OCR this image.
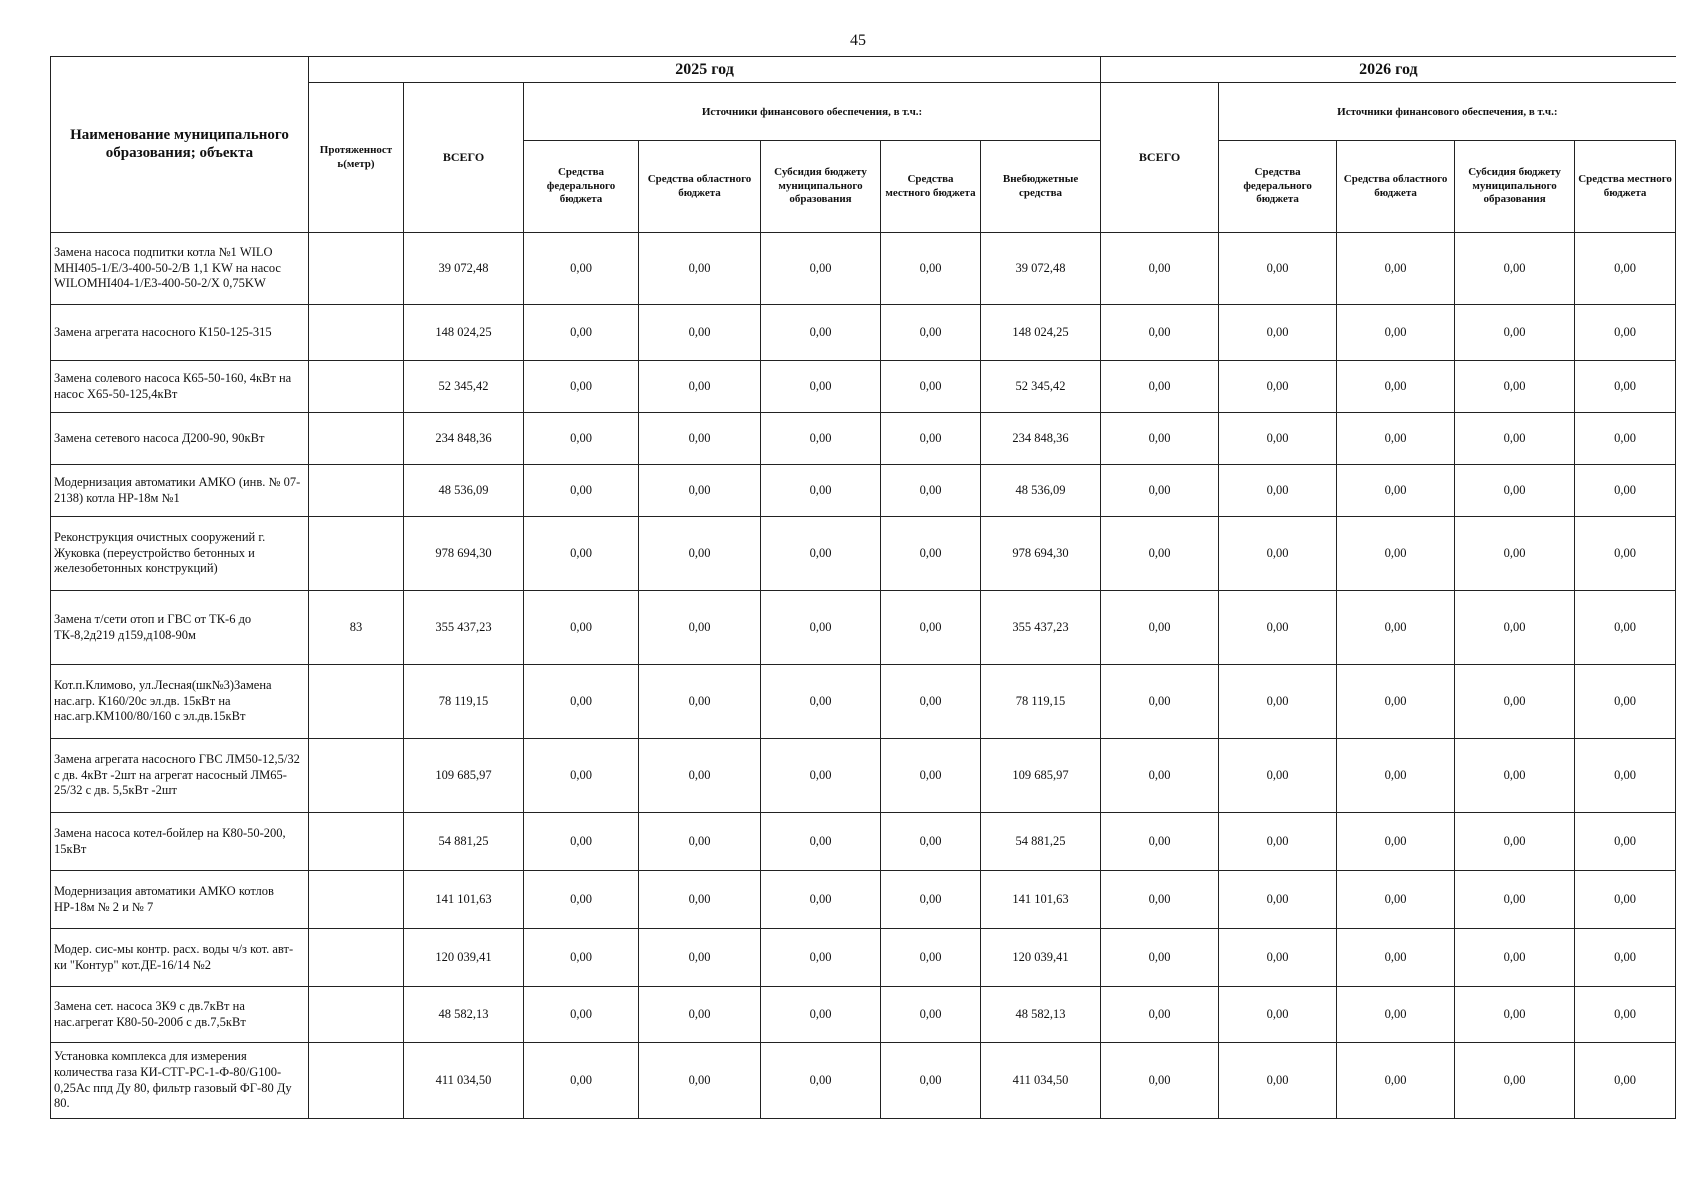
45
Наименование муниципального образования; объекта	2025 год							2026 год				
	Протяженност ь(метр)	ВСЕГО	Источники финансового обеспечения, в т.ч.:					ВСЕГО	Источники финансового обеспечения, в т.ч.:			
			Средства федерального бюджета	Средства областного бюджета	Субсидия бюджету муниципального образования	Средства местного бюджета	Внебюджетные средства		Средства федерального бюджета	Средства областного бюджета	Субсидия бюджету муниципального образования	Средства местного бюджета
Замена насоса подпитки котла №1 WILO MHI405-1/E/3-400-50-2/B 1,1 KW на насос WILOMHI404-1/E3-400-50-2/X 0,75KW		39 072,48	0,00	0,00	0,00	0,00	39 072,48	0,00	0,00	0,00	0,00	0,00
Замена агрегата насосного К150-125-315		148 024,25	0,00	0,00	0,00	0,00	148 024,25	0,00	0,00	0,00	0,00	0,00
Замена солевого насоса К65-50-160, 4кВт на насос Х65-50-125,4кВт		52 345,42	0,00	0,00	0,00	0,00	52 345,42	0,00	0,00	0,00	0,00	0,00
Замена сетевого насоса Д200-90, 90кВт		234 848,36	0,00	0,00	0,00	0,00	234 848,36	0,00	0,00	0,00	0,00	0,00
Модернизация автоматики АМКО (инв. № 07-2138) котла НР-18м №1		48 536,09	0,00	0,00	0,00	0,00	48 536,09	0,00	0,00	0,00	0,00	0,00
Реконструкция очистных сооружений г. Жуковка (переустройство бетонных и железобетонных конструкций)		978 694,30	0,00	0,00	0,00	0,00	978 694,30	0,00	0,00	0,00	0,00	0,00
Замена т/сети отоп и ГВС от ТК-6 до ТК-8,2д219 д159,д108-90м	83	355 437,23	0,00	0,00	0,00	0,00	355 437,23	0,00	0,00	0,00	0,00	0,00
Кот.п.Климово, ул.Лесная(шк№3)Замена нас.агр. К160/20с эл.дв. 15кВт на нас.агр.КМ100/80/160 с эл.дв.15кВт		78 119,15	0,00	0,00	0,00	0,00	78 119,15	0,00	0,00	0,00	0,00	0,00
Замена агрегата насосного ГВС ЛМ50-12,5/32 с дв. 4кВт -2шт на агрегат насосный ЛМ65-25/32 с дв. 5,5кВт -2шт		109 685,97	0,00	0,00	0,00	0,00	109 685,97	0,00	0,00	0,00	0,00	0,00
Замена насоса котел-бойлер на К80-50-200, 15кВт		54 881,25	0,00	0,00	0,00	0,00	54 881,25	0,00	0,00	0,00	0,00	0,00
Модернизация автоматики АМКО котлов НР-18м № 2 и № 7		141 101,63	0,00	0,00	0,00	0,00	141 101,63	0,00	0,00	0,00	0,00	0,00
Модер. сис-мы контр. расх. воды ч/з кот. авт-ки "Контур" кот.ДЕ-16/14 №2		120 039,41	0,00	0,00	0,00	0,00	120 039,41	0,00	0,00	0,00	0,00	0,00
Замена сет. насоса 3К9 с дв.7кВт на нас.агрегат К80-50-200б с дв.7,5кВт		48 582,13	0,00	0,00	0,00	0,00	48 582,13	0,00	0,00	0,00	0,00	0,00
Установка комплекса для измерения количества газа КИ-СТГ-РС-1-Ф-80/G100-0,25Ас ппд Ду 80, фильтр газовый ФГ-80 Ду 80.		411 034,50	0,00	0,00	0,00	0,00	411 034,50	0,00	0,00	0,00	0,00	0,00
